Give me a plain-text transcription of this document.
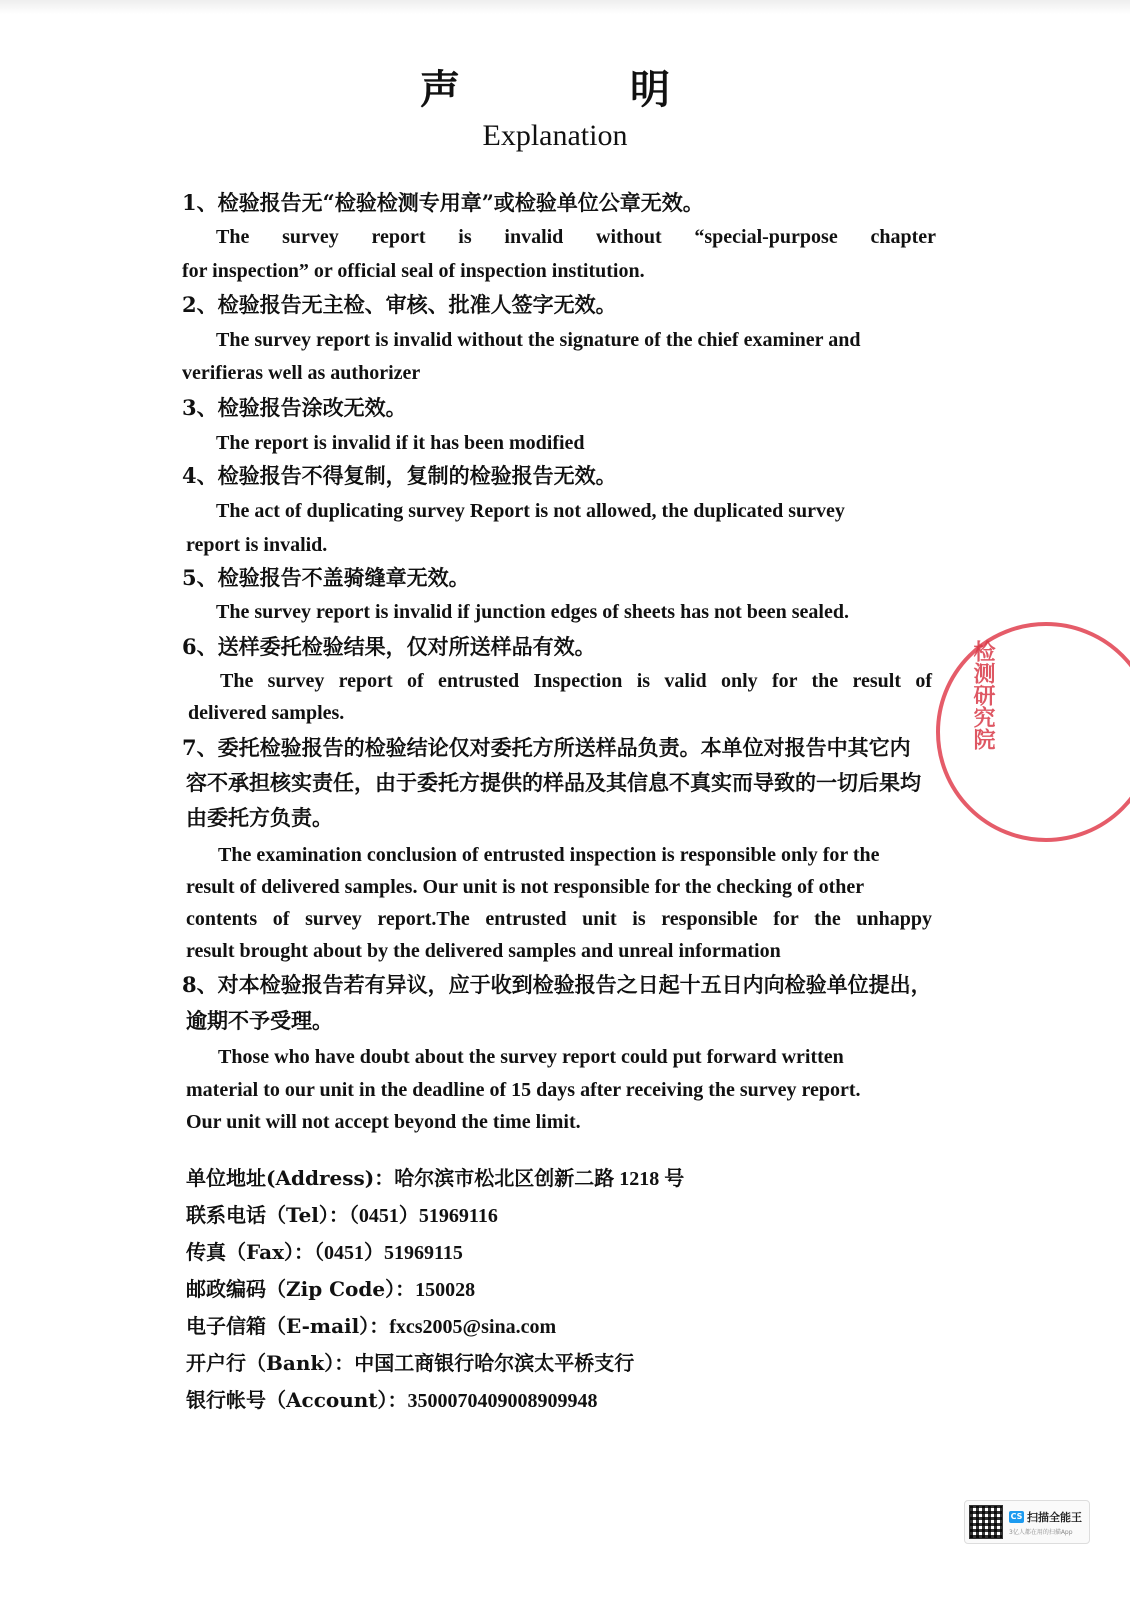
声	明
Explanation
1、检验报告无“检验检测专用章”或检验单位公章无效。
The survey report is invalid without “special-purpose chapter
for inspection” or official seal of inspection institution.
2、检验报告无主检、审核、批准人签字无效。
The survey report is invalid without the signature of the chief examiner and
verifieras well as authorizer
3、检验报告涂改无效。
The report is invalid if it has been modified
4、检验报告不得复制，复制的检验报告无效。
The act of duplicating survey Report is not allowed, the duplicated survey
report is invalid.
5、检验报告不盖骑缝章无效。
The survey report is invalid if junction edges of sheets has not been sealed.
6、送样委托检验结果，仅对所送样品有效。
The survey report of entrusted Inspection is valid only for the result of
delivered samples.
7、委托检验报告的检验结论仅对委托方所送样品负责。本单位对报告中其它内
容不承担核实责任，由于委托方提供的样品及其信息不真实而导致的一切后果均
由委托方负责。
The examination conclusion of entrusted inspection is responsible only for the
result of delivered samples. Our unit is not responsible for the checking of other
contents of survey report.The entrusted unit is responsible for the unhappy
result brought about by the delivered samples and unreal information
8、对本检验报告若有异议，应于收到检验报告之日起十五日内向检验单位提出，
逾期不予受理。
Those who have doubt about the survey report could put forward written
material to our unit in the deadline of 15 days after receiving the survey report.
Our unit will not accept beyond the time limit.
单位地址(Address)：哈尔滨市松北区创新二路 1218 号
联系电话（Tel）：（0451）51969116
传真（Fax）：（0451）51969115
邮政编码（Zip Code）：150028
电子信箱（E-mail）：fxcs2005@sina.com
开户行（Bank）：中国工商银行哈尔滨太平桥支行
银行帐号（Account）：3500070409008909948
检测研究院
CS 扫描全能王
3亿人都在用的扫描App
